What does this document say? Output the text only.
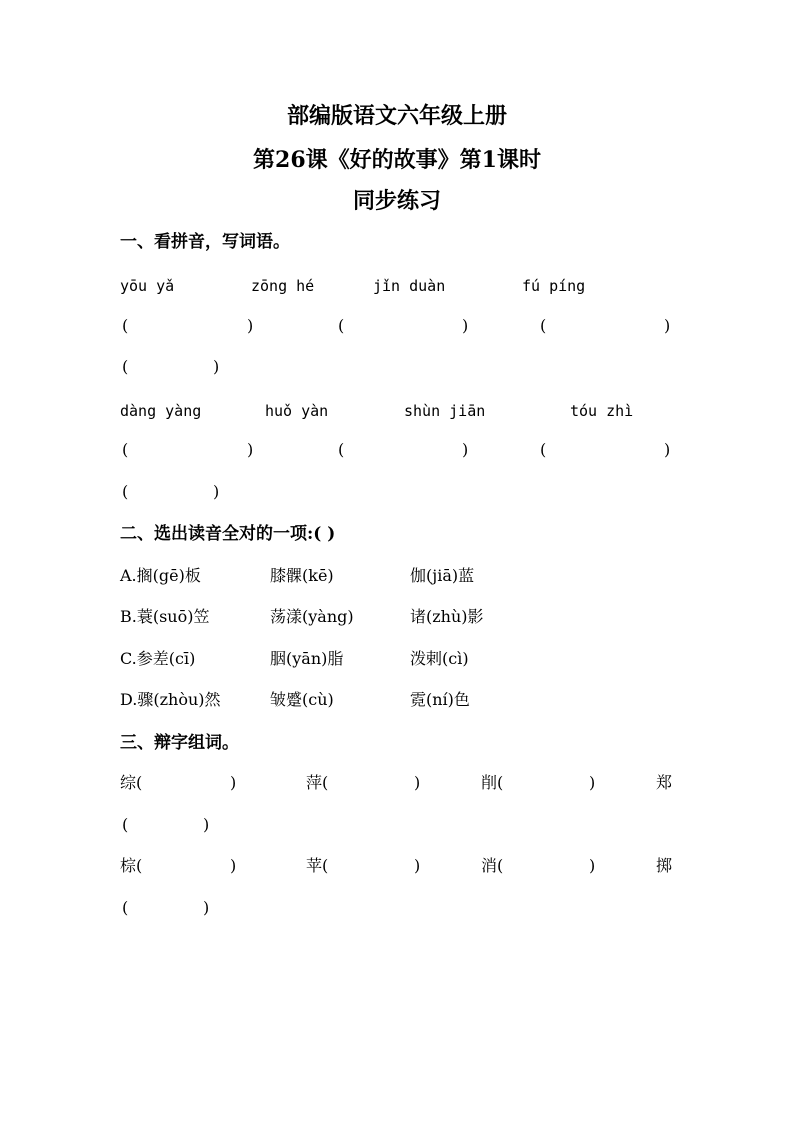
部编版语文六年级上册
第26课《好的故事》第1课时
同步练习
一、看拼音，写词语。
yōu yǎ	zōng hé	jǐn duàn	fú píng
(	)	(	)	(	)
(	)
dàng yàng	huǒ yàn	shùn jiān	tóu zhì
(	)	(	)	(	)
(	)
二、选出读音全对的一项:( )
A.搁(gē)板	膝髁(kē)	伽(jiā)蓝
B.蓑(suō)笠	荡漾(yàng)	诸(zhù)影
C.参差(cī)	胭(yān)脂	泼剌(cì)
D.骤(zhòu)然	皱蹙(cù)	霓(ní)色
三、辩字组词。
综(	)	萍(	)	削(	)	郑
(	)
棕(	)	苹(	)	消(	)	掷
(	)
